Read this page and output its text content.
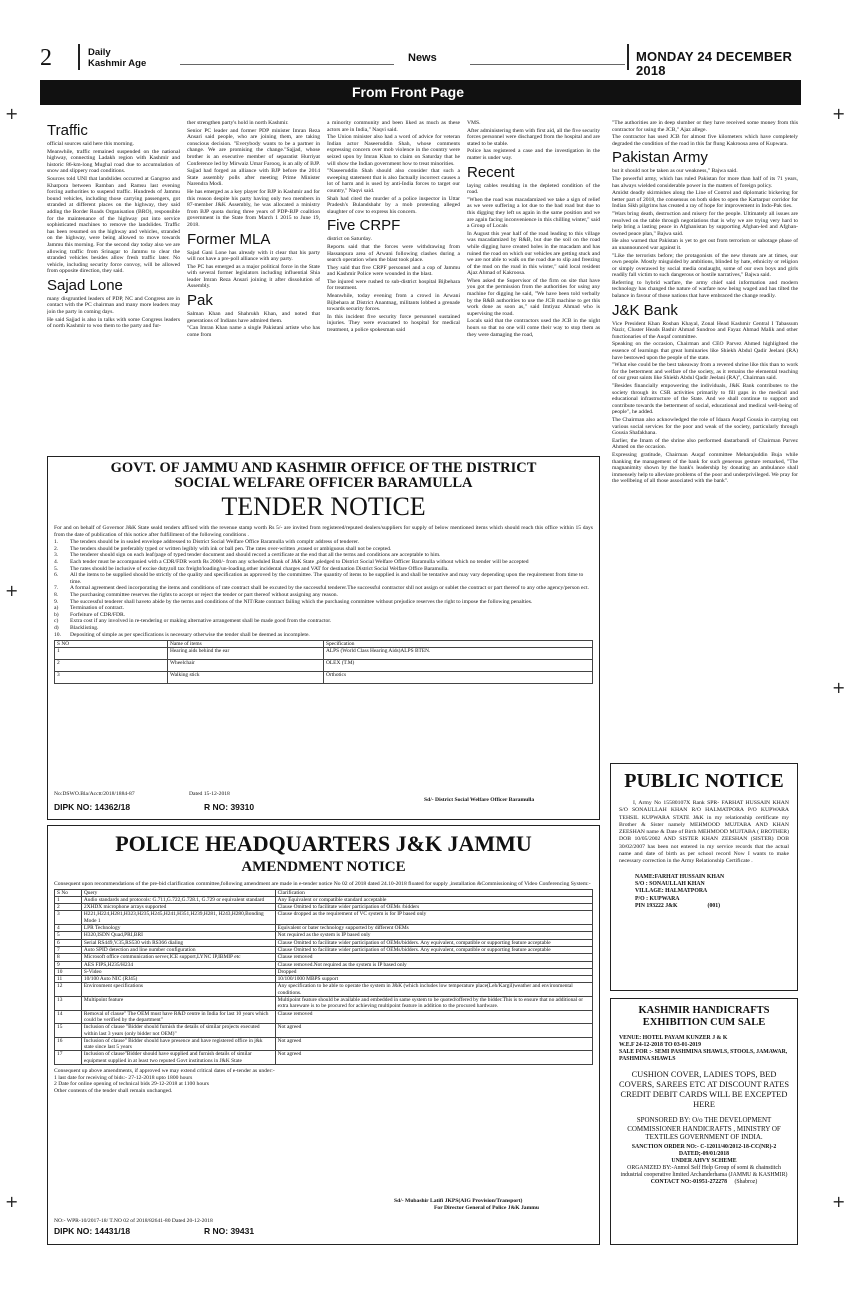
+	+
+
+
+	+
2	Daily
Kashmir Age	News	MONDAY 24 DECEMBER 2018
From Front Page
Traffic

official sources said here this morning.

Meanwhile, traffic remained suspended on the national highway, connecting Ladakh region with Kashmir and historic 86-km-long Mughal road due to accumulation of snow and slippery road conditions.

Sources told UNI that landslides occurred at Gangroo and Kharpora between Ramban and Ramsu last evening forcing authorities to suspend traffic. Hundreds of Jammu bound vehicles, including those carrying passengers, got stranded at different places on the highway, they said adding the Border Roads Organisation (BRO), responsible for the maintenance of the highway put into service sophisticated machines to remove the landslides. Traffic has been resumed on the highway and vehicles, stranded on the highway, were being allowed to move towards Jammu this morning. For the second day today also we are allowing traffic from Srinagar to Jammu to clear the stranded vehicles besides allow fresh traffic later. No vehicle, including security force convoy, will be allowed from opposite direction, they said.

Sajad Lone

many disgruntled leaders of PDP, NC and Congress are in contact with the PC chairman and many more leaders may join the party in coming days.

He said Sajjad is also in talks with some Congress leaders of north Kashmir to woo them to the party and fur-

ther strengthen party's hold in north Kashmir.

Senior PC leader and former PDP minister Imran Reza Ansari said people, who are joining them, are taking conscious decision. "Everybody wants to be a partner in change. We are promising the change."Sajjad, whose brother is an executive member of separatist Hurriyat Conference led by Mirwaiz Umar Farooq, is an ally of BJP.

Sajjad had forged an alliance with BJP before the 2014 State assembly polls after meeting Prime Minister Narendra Modi.

He has emerged as a key player for BJP in Kashmir and for this reason despite his party having only two members in 87-member J&K Assembly, he was allocated a ministry from BJP quota during three years of PDP-BJP coalition government in the State from March 1 2015 to June 19, 2018.

Former MLA

Sajad Gani Lone has already with it clear that his party will not have a pre-poll alliance with any party.

The PC has emerged as a major political force in the State with several former legislators including influential Shia leader Imran Reza Ansari joining it after dissolution of Assembly.

Pak

Salman Khan and Shahrukh Khan, and noted that generations of Indians have admired them.

"Can Imran Khan name a single Pakistani artiste who has come from

a minority community and been liked as much as these actors are in India," Naqvi said.

The Union minister also had a word of advice for veteran Indian actor Naseeruddin Shah, whose comments expressing concern over mob violence in the country were seized upon by Imran Khan to claim on Saturday that he will show the Indian government how to treat minorities.

"Naseeruddin Shah should also consider that such a sweeping statement that is also factually incorrect causes a lot of harm and is used by anti-India forces to target our country," Naqvi said.

Shah had cited the murder of a police inspector in Uttar Pradesh's Bulandshahr by a mob protesting alleged slaughter of cow to express his concern.

Five CRPF

district on Saturday.

Reports said that the forces were withdrawing from Hassanpura area of Arwani following clashes during a search operation when the blast took place.

They said that five CRPF personnel and a cop of Jammu and Kashmir Police were wounded in the blast.

The injured were rushed to sub-district hospital Bijbehara for treatment.

Meanwhile, today evening from a crowd in Arwani Bijbehara at District Anantnag, militants lobbed a grenade towards security forces.

In this incident five security force personnel sustained injuries. They were evacuated to hospital for medical treatment, a police spokesman said

VMS.

After administering them with first aid, all the five security forces personnel were discharged from the hospital and are stated to be stable.

Police has registered a case and the investigation in the matter is under way.

Recent

laying cables resulting in the depleted condition of the road.

"When the road was macadamized we take a sign of relief as we were suffering a lot due to the bad road but due to this digging they left us again in the same position and we are again facing inconvenience in this chilling winter," said a Group of Locals

In August this year half of the road leading to this village was macadamized by R&B, but due the soil on the road while digging have created holes in the macadam and has ruined the road on which our vehicles are getting stuck and we are not able to walk on the road due to slip and freezing of the mud on the road in this winter," said local resident Ajaz Ahmad of Kakroosa.

When asked the Supervisor of the firm on site that have you got the permission from the authorities for using any machine for digging he said, "We have been told verbally by the R&B authorities to use the JCB machine to get this work done as soon as," said Imtiyaz Ahmad who is supervising the road.

Locals said that the contractors used the JCB in the night hours so that no one will come their way to stop them as they were damaging the road,

"The authorities are in deep slumber or they have received some money from this contractor for using the JCB," Ajaz allege.

The contractor has used JCB for almost five kilometers which have completely degraded the condition of the road in this far flung Kakroosa area of Kupwara.

Pakistan Army

but it should not be taken as our weakness," Bajwa said.

The powerful army, which has ruled Pakistan for more than half of its 71 years, has always wielded considerable power in the matters of foreign policy.

Amidst deadly skirmishes along the Line of Control and diplomatic bickering for better part of 2018, the consensus on both sides to open the Kartarpur corridor for Indian Sikh pilgrims has created a ray of hope for improvement in Indo-Pak ties.

"Wars bring death, destruction and misery for the people. Ultimately all issues are resolved on the table through negotiations that is why we are trying very hard to help bring a lasting peace in Afghanistan by supporting Afghan-led and Afghan-owned peace plan," Bajwa said.

He also warned that Pakistan is yet to get out from terrorism or sabotage phase of an unannounced war against it.

"Like the terrorists before; the protagonists of the new threats are at times, our own people. Mostly misguided by ambitions, blinded by hate, ethnicity or religion or simply overawed by social media onslaught, some of our own boys and girls readily fall victim to such dangerous or hostile narratives," Bajwa said.

Referring to hybrid warfare, the army chief said information and modern technology has changed the nature of warfare now being waged and has tilted the balance in favour of those nations that have embraced the change readily.

J&K Bank

Vice President Khan Roshan Khayal, Zonal Head Kashmir Central I Tabassum Nazir, Cluster Heads Bashir Ahmad Sundroo and Fayaz Ahmad Malik and other functionaries of the Auqaf committee.

Speaking on the occasion, Chairman and CEO Parvez Ahmed highlighted the essence of learnings that great luminaries like Shiekh Abdul Qadir Jeelani (RA) have bestowed upon the people of the state.

"What else could be the best takeaway from a revered shrine like this than to work for the betterment and welfare of the society, as it remains the elemental teaching of our great saints like Shiekh Abdul Qadir Jeelani (RA)", Chairman said.

"Besides financially empowering the individuals, J&K Bank contributes to the society through its CSR activities primarily to fill gaps in the medical and educational infrastructure of the State. And we shall continue to support and contribute towards the betterment of social, educational and medical well-being of people", he added.

The Chairman also acknowledged the role of Idaara Auqaf Gousia in carrying out various social services for the poor and weak of the society, particularly through Gousia Shafakhana.

Earlier, the Imam of the shrine also performed dastarbandi of Chairman Parvez Ahmed on the occasion.

Expressing gratitude, Chairman Auqaf committee Meharajuddin Buja while thanking the management of the bank for such generous gesture remarked, "The magnanimity shown by the bank's leadership by donating an ambulance shall immensely help to alleviate problems of the poor and underprivileged. We pray for the wellbeing of all those associated with the bank".

GOVT. OF JAMMU AND KASHMIR OFFICE OF THE DISTRICT
SOCIAL WELFARE OFFICER BARAMULLA
TENDER NOTICE

For and on behalf of Governor J&K State seald tenders affixed with the revenue stamp worth Rs 5/- are invited from registered/reputed dealers/suppliers for supply of below mentioned items which should reach this office within 15 days from the date of publication of this notice after fulfillment of the following conditions .

1.	The tenders should be in sealed envelope addressed to District Social Welfare Office Baramulla with compltr address of tenderer.
2.	The tenders should be preferably typed or written legibly with ink or ball pen. The rates over-written ,erased or ambiguous shall not be ccepted.
3.	The tenderer should sign on each leaf/page of typed tender document and should record a certificate at the end that all the terms and conditions are acceptable to him.
4.	Each tender must be accompanied with a CDR/FDR worth Rs 2000/- from any scheduled Bank of J&K State ,pledged to District Social Welfare Officer Baramulla without which no tender will be accepted
5.	The rates should be inclusive of excise duty,toll tax freight/loading/un-loading,other incidental charges and VAT for destination District Social Welfare Office Baramulla.
6.	All the items to be supplied should be strictly of the quality and specification as approved by the committee. The quantity of items to be supplied is and shall be tentative and may vary depending upon the requirement from time to time.
7.	A formal agreement deed incorporating the items and conditions of rate contract shall be excuted by the successful tenderer.The successful contractor shll not assign or sublet the contract or part thereof to any othe agency/person ect.
8.	The purchasing committee reserves the rights to accept or reject the tender or part thereof without assigning any reason.
9.	The successful tenderer shall haveto abide by the terms and conditions of the NIT/Rate contract failing which the purchasing committee without prejudice reserves the right to impose the following penalties.
a)	Termination of contract.
b)	Forfeiture of CDR/FDR.
c)	Extra cost if any involved in re-tendering or making alternative arrangement shall be made good from the contractor.
d)	Blacklisting.
10.	Depositing of simple as per specifications is necessary otherwise the tender shall be deemed as incomplete.
S NO	Name of items	Specification
1	Hearing aids behind the ear	ALPS (World Class Hearing Aids)ALPS BTEN.
2	Wheelchair	OLEX (T.M)
3	Walking stick	Orthotics
No:DSWO.Bla/Acctt/2018/1884-87	Dated 15-12-2018
Sd/- District Social Welfare Officer Baramulla
DIPK NO: 14362/18	R NO: 39310
POLICE HEADQUARTERS J&K JAMMU
AMENDMENT NOTICE

Consequent upon recommendations of the pre-bid clarification committee,following amendment are made in e-tender notice No 02 of 2018 dated 24.10-2018 floated for supply ,installation &Commissioning of Video Conferencing System:-

S No	Query	Clarification
1	Audio standards and protocols: G.711,G.722,G.728.1, G.729 or equivalent standard	Any Equivalent or compatible standard acceptable
2	2XHDX microphone arrays supported	Clause Omitted to facilitate wider participation of OEMs /bidders
3	H221,H224,H281,H323,H235,H245,H241,H351,H239,H281, H243,H280,Bonding Mode 1	Clause dropped as the requirement of VC system is for IP based only
4	LPR Technology	Equivalent or bater technology supported by different OEMs
5	H320,ISDN Quad,PRI,BRI	Not required as the system is IP based only
6	Serial RS449,V.35,RS530 with RS366 dialing	Clause Omitted to facilitate wider participation of OEMs/bidders. Any equivalent, compatible or supporting feature acceptable
7	Auto SPID detection and line number configuration	Clause Omitted to facilitate wider participation of OEMs/bidders. Any equivalent, compatible or supporting feature acceptable
8	Microsoft office communication server,ICE support,LYNC IP,IBMIP etc	Clause removed
9	AES FIPS,H235/H234	Clause removed.Not required as the system is IP based only
10	S-Video	Dropped
11	10/100 Auto NIC (RJ45)	10/100/1000 MBPS support
12	Environment specifications	Any specification to be able to operate the system in J&K (which includes low temperature place(Leh/Kargil)weather and environmental conditions.
13	Multipoint feature	Multipoint feature should be available and embedded in same system to be quoted/offered by the bidder.This is to ensure that no additional or extra hareware is to be procured for achieving multipoint feature in addition to the procured hardware.
14	Removal of clause" The OEM must have R&D centre in India for last 10 years which could be verified by the department"	Clause removed
15	Inclusion of clause "Bidder should furnish the details of similar projects executed within last 3 years (only bidder not OEM)"	Not agreed
16	Inclusion of clause" Bidder should have presence and have registered office in j&k state since last 5 years	Not agreed
17	Inclusion of clause"Bidder should have supplied and furnish details of similar equipment supplied in at least two reputed Govt institutions in J&K State	Not agreed
Consequent up above amendments, if approved we may extend critical dates of e-tender as under:-
1 last date for receiving of bids:- 27-12-2018 upto 1800 hours
2 Date for online opening of technical bids 29-12-2018 at 1100 hours
Other contents of the tender shall remain unchanged.
Sd/- Mubashir Latifi JKPS(AIG Provision/Transport)
For Director General of Police J&K Jammu
NO:- WPR-10/2017-18/ T.NO 02 of 2018/82641-80 Dated 20-12-2018
DIPK NO: 14431/18	R NO: 39431
PUBLIC NOTICE

I, Army No 15580107X Rank SPR- FARHAT HUSSAIN KHAN S/O SONAULLAH KHAN R/O HALMATPORA P/O KUPWARA TEHSIL KUPWARA STATE J&K in my relationship certificate my Brother & Sister namely MEHMOOD MUJTABA AND KHAN ZEESHAN name & Date of Birth MEHMOOD MUJTABA ( BROTHER) DOB 10/05/2002 AND SISTER KHAN ZEESHAN (SISTER) DOB 30/02/2007 has been not entered in my service records that the actual name and date of birth as per school record Now I wants to make necessary correction in the Army Relationship Certificate .

NAME:FARHAT HUSSAIN KHAN
S/O : SONAULLAH KHAN
VILLAGE: HALMATPORA
P/O : KUPWARA
PIN 193222 J&K	(001)
KASHMIR HANDICRAFTS
EXHIBITION CUM SALE
VENUE: HOTEL PAYAM KUNZER J & K
W.E.F 24-12-2018 TO 03-01-2019
SALE FOR :- SEMI PASHMINA SHAWLS, STOOLS, JAMAWAR, PASHMINA SHAWLS
CUSHION COVER, LADIES TOPS, BED COVERS, SAREES ETC AT DISCOUNT RATES CREDIT DEBIT CARDS WILL BE EXCEPTED HERE
SPONSORED BY: O/o THE DEVELOPMENT COMMISSIONER HANDICRAFTS , MINISTRY OF TEXTILES GOVERNMENT OF INDIA.
SANCTION ORDER NO:- C-12011/40/2012-18-CC(NR)-2 DATED;-09/01/2018
UNDER AHVY SCHEME
ORGANIZED BY:-Anmol Self Help Group of somi & chainstitch industrial cooperative limited Archanderhama (JAMMU & KASHMIR)
CONTACT NO:-01951-272278 (Shabroz)
